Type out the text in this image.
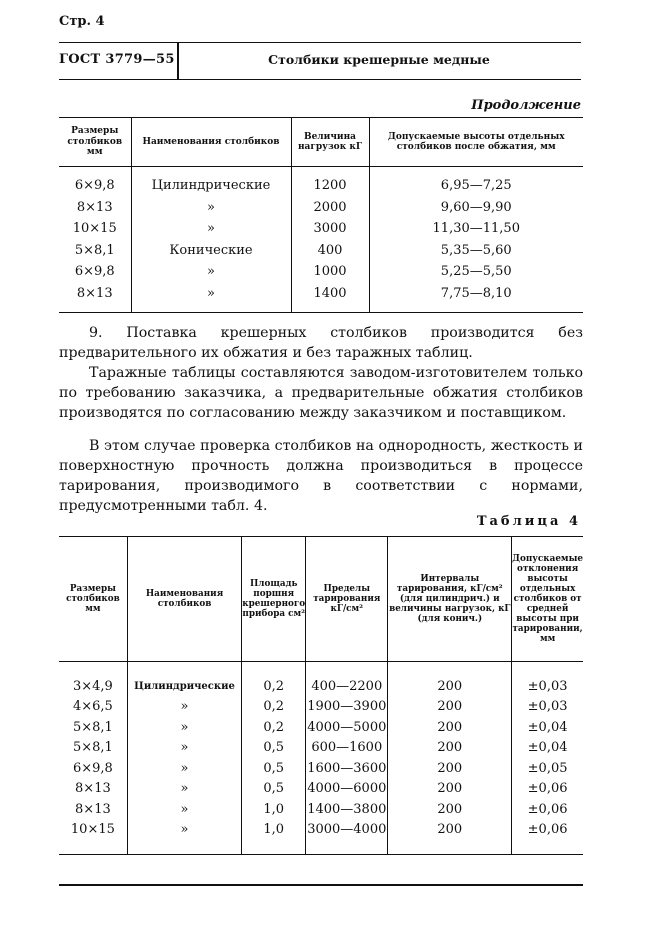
Стр. 4
ГОСТ 3779—55	Столбики крешерные медные
Продолжение
Размеры столбиков мм	Наименования столбиков	Величина нагрузок кГ	Допускаемые высоты отдельных столбиков после обжатия, мм
6×9,8	Цилиндрические	1200	6,95—7,25
8×13	»	2000	9,60—9,90
10×15	»	3000	11,30—11,50
5×8,1	Конические	400	5,35—5,60
6×9,8	»	1000	5,25—5,50
8×13	»	1400	7,75—8,10
9. Поставка крешерных столбиков производится без предварительного их обжатия и без таражных таблиц.
Таражные таблицы составляются заводом-изготовителем только по требованию заказчика, а предварительные обжатия столбиков производятся по согласованию между заказчиком и поставщиком.
В этом случае проверка столбиков на однородность, жесткость и поверхностную прочность должна производиться в процессе тарирования, производимого в соответствии с нормами, предусмотренными табл. 4.
Таблица 4
Размеры столбиков мм	Наименования столбиков	Площадь поршня крешерного прибора см²	Пределы тарирования кГ/см²	Интервалы тарирования, кГ/см² (для цилиндрич.) и величины нагрузок, кГ (для конич.)	Допускаемые отклонения высоты отдельных столбиков от средней высоты при тарировании, мм
3×4,9	Цилиндрические	0,2	400—2200	200	±0,03
4×6,5	»	0,2	1900—3900	200	±0,03
5×8,1	»	0,2	4000—5000	200	±0,04
5×8,1	»	0,5	600—1600	200	±0,04
6×9,8	»	0,5	1600—3600	200	±0,05
8×13	»	0,5	4000—6000	200	±0,06
8×13	»	1,0	1400—3800	200	±0,06
10×15	»	1,0	3000—4000	200	±0,06
